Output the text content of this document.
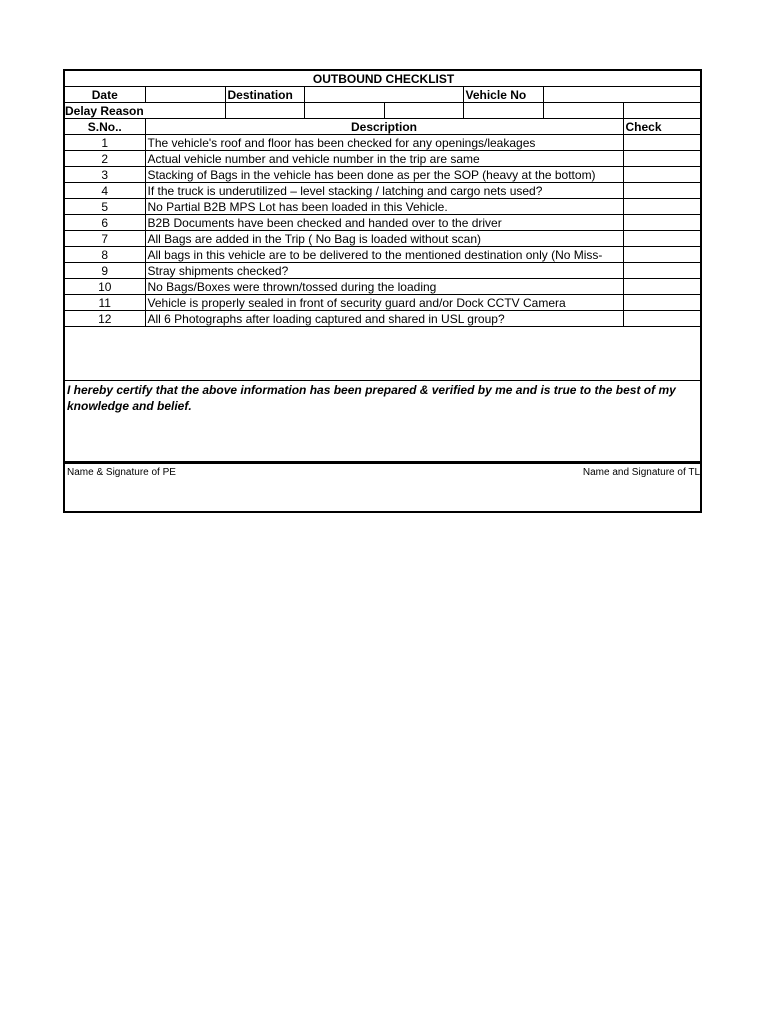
OUTBOUND CHECKLIST							
Date		Destination			Vehicle No		
Delay Reason							
S.No..	Description						Check
1	The vehicle's roof and floor has been checked for any openings/leakages						
2	Actual vehicle number and vehicle number in the trip are same						
3	Stacking of Bags in the vehicle has been done as per the SOP (heavy at the bottom)						
4	If the truck is underutilized – level stacking / latching and cargo nets used?						
5	No Partial B2B MPS Lot has been loaded in this Vehicle.						
6	B2B Documents have been checked and handed over to the driver						
7	All Bags are added in the Trip ( No Bag is loaded without scan)						
8	All bags in this vehicle are to be delivered to the mentioned destination only (No Miss-						
9	Stray shipments checked?						
10	No Bags/Boxes were thrown/tossed during the loading						
11	Vehicle is properly sealed in front of security guard and/or Dock CCTV Camera						
12	All 6 Photographs after loading captured and shared in USL group?						
I hereby certify that the above information has been prepared & verified by me and is true to the best of my knowledge and belief.
Name & Signature of PE	Name and Signature of TL
